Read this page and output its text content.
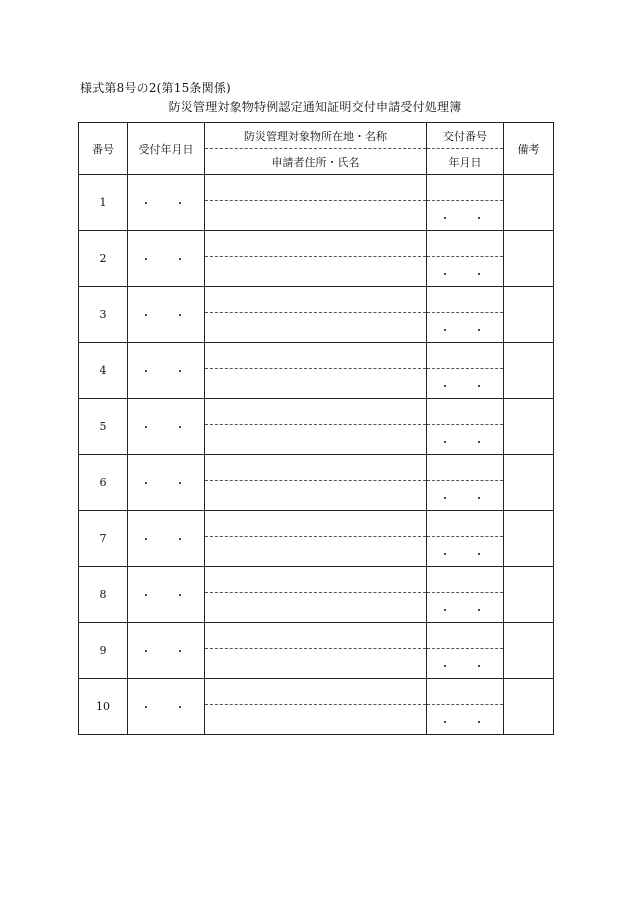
様式第8号の2(第15条関係)
防災管理対象物特例認定通知証明交付申請受付処理簿
番号	受付年月日	防災管理対象物所在地・名称	交付番号	備考
		申請者住所・氏名	年月日	
1	・　・			
			・　・	
2	・　・			
			・　・	
3	・　・			
			・　・	
4	・　・			
			・　・	
5	・　・			
			・　・	
6	・　・			
			・　・	
7	・　・			
			・　・	
8	・　・			
			・　・	
9	・　・			
			・　・	
10	・　・			
			・　・	
